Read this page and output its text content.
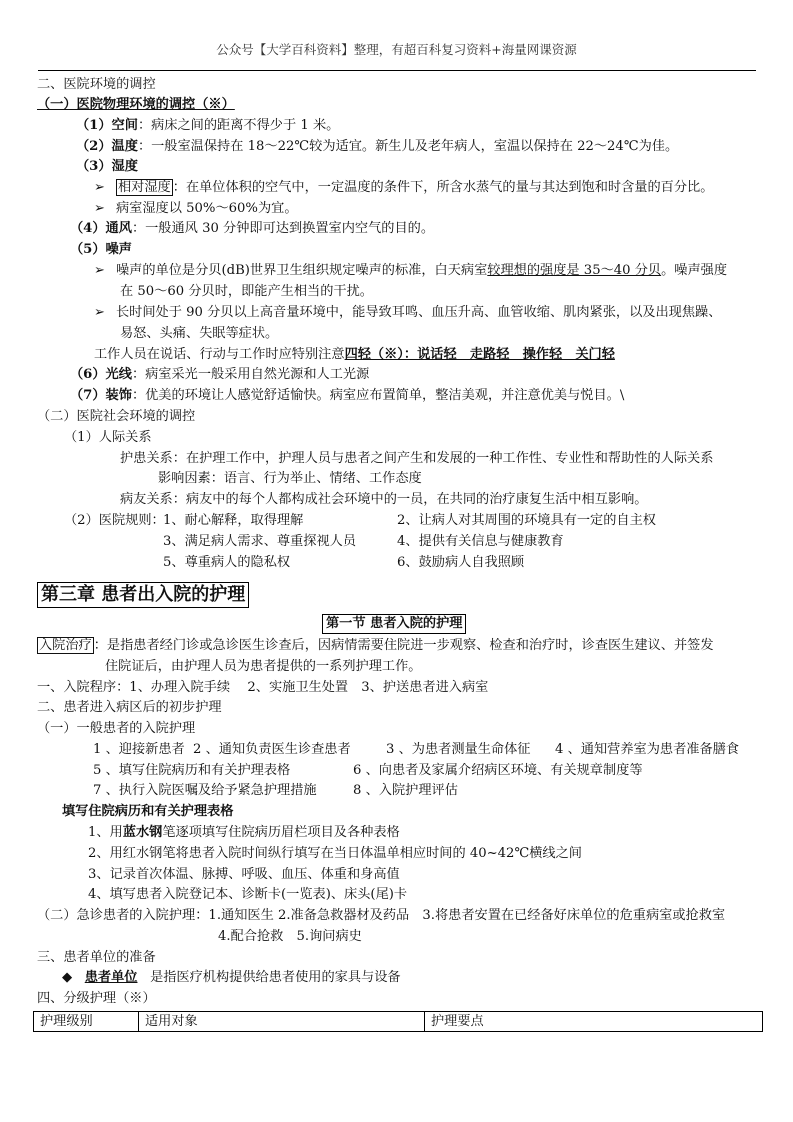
公众号【大学百科资料】整理，有超百科复习资料+海量网课资源
二、医院环境的调控
（一）医院物理环境的调控（※）
（1）空间：病床之间的距离不得少于 1 米。
（2）温度：一般室温保持在 18～22℃较为适宜。新生儿及老年病人，室温以保持在 22～24℃为佳。
（3）湿度
➢ 相对湿度 ：在单位体积的空气中，一定温度的条件下，所含水蒸气的量与其达到饱和时含量的百分比。
➢ 病室湿度以 50%～60%为宜。
（4）通风：一般通风 30 分钟即可达到换置室内空气的目的。
（5）噪声
➢ 噪声的单位是分贝(dB)世界卫生组织规定噪声的标准，白天病室较理想的强度是 35～40 分贝。噪声强度
在 50～60 分贝时，即能产生相当的干扰。
➢ 长时间处于 90 分贝以上高音量环境中，能导致耳鸣、血压升高、血管收缩、肌肉紧张，以及出现焦躁、
易怒、头痛、失眠等症状。
工作人员在说话、行动与工作时应特别注意四轻（※）：说话轻　走路轻　操作轻　关门轻
（6）光线：病室采光一般采用自然光源和人工光源
（7）装饰：优美的环境让人感觉舒适愉快。病室应布置简单，整洁美观，并注意优美与悦目。\
（二）医院社会环境的调控
（1）人际关系
护患关系：在护理工作中，护理人员与患者之间产生和发展的一种工作性、专业性和帮助性的人际关系
影响因素：语言、行为举止、情绪、工作态度
病友关系：病友中的每个人都构成社会环境中的一员，在共同的治疗康复生活中相互影响。
（2）医院规则：
1、耐心解释，取得理解	2、让病人对其周围的环境具有一定的自主权
3、满足病人需求、尊重探视人员	4、提供有关信息与健康教育
5、尊重病人的隐私权	6、鼓励病人自我照顾
第三章 患者出入院的护理
第一节 患者入院的护理
入院治疗 ：是指患者经门诊或急诊医生诊查后，因病情需要住院进一步观察、检查和治疗时，诊查医生建议、并签发
住院证后，由护理人员为患者提供的一系列护理工作。
一、入院程序：1、办理入院手续　 2、实施卫生处置　3、护送患者进入病室
二、患者进入病区后的初步护理
（一）一般患者的入院护理
1 、迎接新患者 2 、通知负责医生诊查患者	3 、为患者测量生命体征 4 、通知营养室为患者准备膳食
5 、填写住院病历和有关护理表格	6 、向患者及家属介绍病区环境、有关规章制度等
7 、执行入院医嘱及给予紧急护理措施	8 、入院护理评估
填写住院病历和有关护理表格
1、用蓝水钢笔逐项填写住院病历眉栏项目及各种表格
2、用红水钢笔将患者入院时间纵行填写在当日体温单相应时间的 40~42℃横线之间
3、记录首次体温、脉搏、呼吸、血压、体重和身高值
4、填写患者入院登记本、诊断卡(一览表)、床头(尾)卡
（二）急诊患者的入院护理：1.通知医生 2.准备急救器材及药品　3.将患者安置在已经备好床单位的危重病室或抢救室
4.配合抢救　5.询问病史
三、患者单位的准备
◆ 患者单位 是指医疗机构提供给患者使用的家具与设备
四、分级护理（※）
护理级别	适用对象	护理要点
